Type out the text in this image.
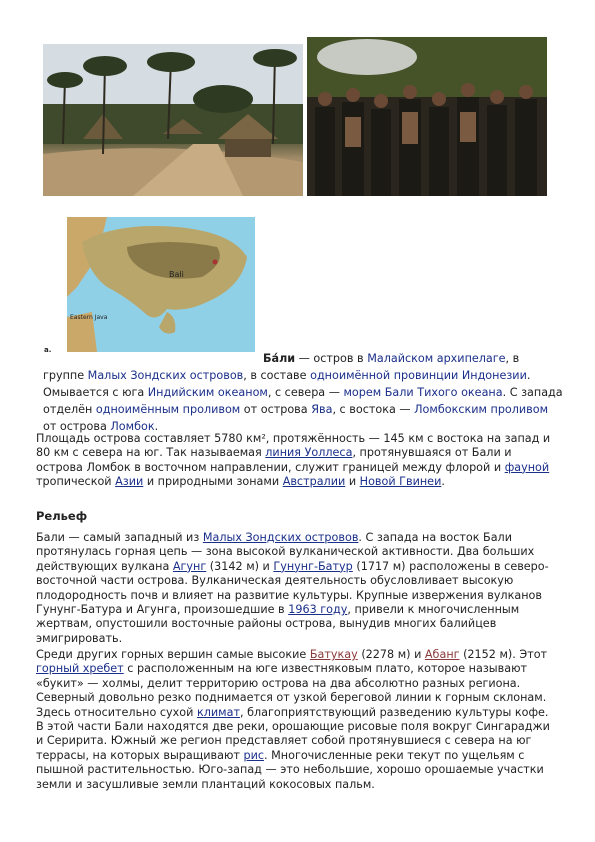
Bali
Eastern Java
a.

Ба́ли — остров в Малайском архипелаге, в группе Малых Зондских островов, в составе одноимённой провинции Индонезии. Омывается с юга Индийским океаном, с севера — морем Бали Тихого океана. С запада отделён одноимённым проливом от острова Ява, с востока — Ломбокским проливом от острова Ломбок.

Площадь острова составляет 5780 км², протяжённость — 145 км с востока на запад и 80 км с севера на юг. Так называемая линия Уоллеса, протянувшаяся от Бали и острова Ломбок в восточном направлении, служит границей между флорой и фауной тропической Азии и природными зонами Австралии и Новой Гвинеи.

Рельеф

Бали — самый западный из Малых Зондских островов. С запада на восток Бали протянулась горная цепь — зона высокой вулканической активности. Два больших действующих вулкана Агунг (3142 м) и Гунунг-Батур (1717 м) расположены в северо-восточной части острова. Вулканическая деятельность обусловливает высокую плодородность почв и влияет на развитие культуры. Крупные извержения вулканов Гунунг-Батура и Агунга, произошедшие в 1963 году, привели к многочисленным жертвам, опустошили восточные районы острова, вынудив многих балийцев эмигрировать.

Среди других горных вершин самые высокие Батукау (2278 м) и Абанг (2152 м). Этот горный хребет с расположенным на юге известняковым плато, которое называют «букит» — холмы, делит территорию острова на два абсолютно разных региона. Северный довольно резко поднимается от узкой береговой линии к горным склонам. Здесь относительно сухой климат, благоприятствующий разведению культуры кофе. В этой части Бали находятся две реки, орошающие рисовые поля вокруг Сингараджи и Серирита. Южный же регион представляет собой протянувшиеся с севера на юг террасы, на которых выращивают рис. Многочисленные реки текут по ущельям с пышной растительностью. Юго-запад — это небольшие, хорошо орошаемые участки земли и засушливые земли плантаций кокосовых пальм.
